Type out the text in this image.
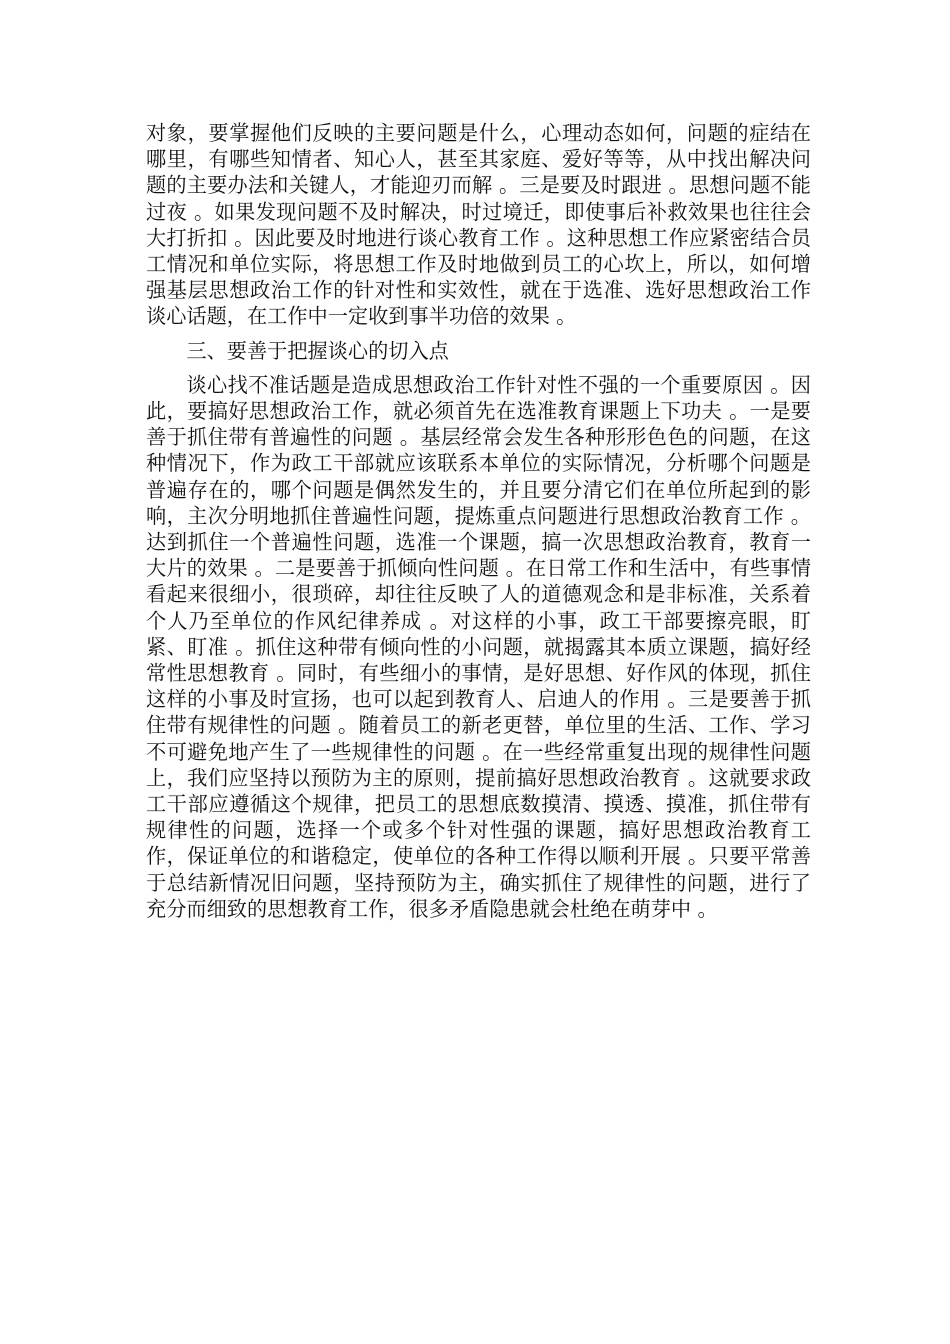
对象，要掌握他们反映的主要问题是什么，心理动态如何，问题的症结在哪里，有哪些知情者、知心人，甚至其家庭、爱好等等，从中找出解决问题的主要办法和关键人，才能迎刃而解 。三是要及时跟进 。思想问题不能过夜 。如果发现问题不及时解决，时过境迁，即使事后补救效果也往往会大打折扣 。因此要及时地进行谈心教育工作 。这种思想工作应紧密结合员工情况和单位实际，将思想工作及时地做到员工的心坎上，所以，如何增强基层思想政治工作的针对性和实效性，就在于选准、选好思想政治工作谈心话题，在工作中一定收到事半功倍的效果 。

三、要善于把握谈心的切入点

谈心找不准话题是造成思想政治工作针对性不强的一个重要原因 。因此，要搞好思想政治工作，就必须首先在选准教育课题上下功夫 。一是要善于抓住带有普遍性的问题 。基层经常会发生各种形形色色的问题，在这种情况下，作为政工干部就应该联系本单位的实际情况，分析哪个问题是普遍存在的，哪个问题是偶然发生的，并且要分清它们在单位所起到的影响，主次分明地抓住普遍性问题，提炼重点问题进行思想政治教育工作 。达到抓住一个普遍性问题，选准一个课题，搞一次思想政治教育，教育一大片的效果 。二是要善于抓倾向性问题 。在日常工作和生活中，有些事情看起来很细小，很琐碎，却往往反映了人的道德观念和是非标准，关系着个人乃至单位的作风纪律养成 。对这样的小事，政工干部要擦亮眼，盯紧、盯准 。抓住这种带有倾向性的小问题，就揭露其本质立课题，搞好经常性思想教育 。同时，有些细小的事情，是好思想、好作风的体现，抓住这样的小事及时宣扬，也可以起到教育人、启迪人的作用 。三是要善于抓住带有规律性的问题 。随着员工的新老更替，单位里的生活、工作、学习不可避免地产生了一些规律性的问题 。在一些经常重复出现的规律性问题上，我们应坚持以预防为主的原则，提前搞好思想政治教育 。这就要求政工干部应遵循这个规律，把员工的思想底数摸清、摸透、摸准，抓住带有规律性的问题，选择一个或多个针对性强的课题，搞好思想政治教育工作，保证单位的和谐稳定，使单位的各种工作得以顺利开展 。只要平常善于总结新情况旧问题，坚持预防为主，确实抓住了规律性的问题，进行了充分而细致的思想教育工作，很多矛盾隐患就会杜绝在萌芽中 。
